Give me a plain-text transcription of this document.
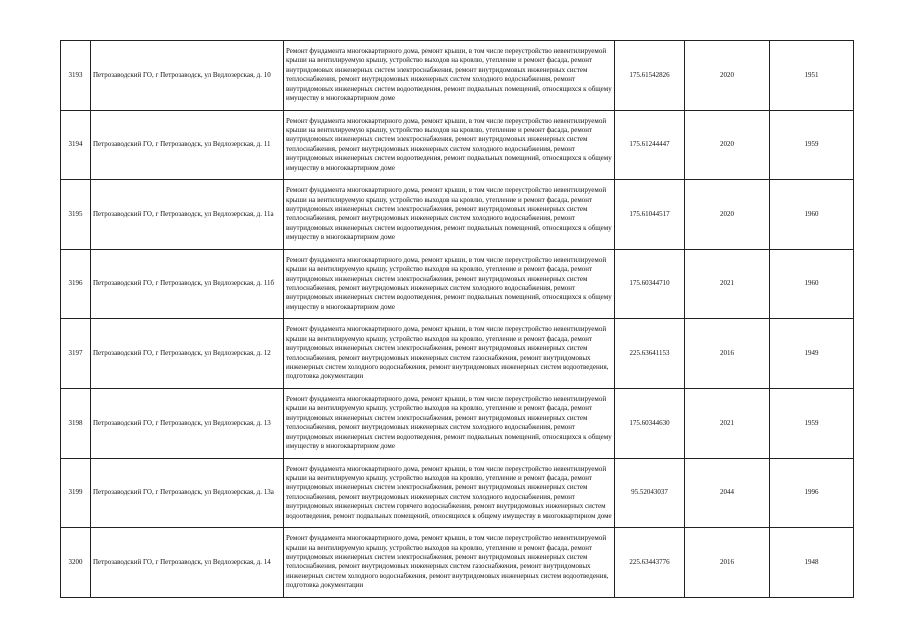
3193	Петрозаводский ГО, г Петрозаводск, ул Ведлозерская, д. 10	Ремонт фундамента многоквартирного дома, ремонт крыши, в том числе переустройство невентилируемой крыши на вентилируемую крышу, устройство выходов на кровлю, утепление и ремонт фасада, ремонт внутридомовых инженерных систем электроснабжения, ремонт внутридомовых инженерных систем теплоснабжения, ремонт внутридомовых инженерных систем холодного водоснабжения, ремонт внутридомовых инженерных систем водоотведения, ремонт подвальных помещений, относящихся к общему имуществу в многоквартирном доме	175.61542826	2020	1951
3194	Петрозаводский ГО, г Петрозаводск, ул Ведлозерская, д. 11	Ремонт фундамента многоквартирного дома, ремонт крыши, в том числе переустройство невентилируемой крыши на вентилируемую крышу, устройство выходов на кровлю, утепление и ремонт фасада, ремонт внутридомовых инженерных систем электроснабжения, ремонт внутридомовых инженерных систем теплоснабжения, ремонт внутридомовых инженерных систем холодного водоснабжения, ремонт внутридомовых инженерных систем водоотведения, ремонт подвальных помещений, относящихся к общему имуществу в многоквартирном доме	175.61244447	2020	1959
3195	Петрозаводский ГО, г Петрозаводск, ул Ведлозерская, д. 11а	Ремонт фундамента многоквартирного дома, ремонт крыши, в том числе переустройство невентилируемой крыши на вентилируемую крышу, устройство выходов на кровлю, утепление и ремонт фасада, ремонт внутридомовых инженерных систем электроснабжения, ремонт внутридомовых инженерных систем теплоснабжения, ремонт внутридомовых инженерных систем холодного водоснабжения, ремонт внутридомовых инженерных систем водоотведения, ремонт подвальных помещений, относящихся к общему имуществу в многоквартирном доме	175.61044517	2020	1960
3196	Петрозаводский ГО, г Петрозаводск, ул Ведлозерская, д. 11б	Ремонт фундамента многоквартирного дома, ремонт крыши, в том числе переустройство невентилируемой крыши на вентилируемую крышу, устройство выходов на кровлю, утепление и ремонт фасада, ремонт внутридомовых инженерных систем электроснабжения, ремонт внутридомовых инженерных систем теплоснабжения, ремонт внутридомовых инженерных систем холодного водоснабжения, ремонт внутридомовых инженерных систем водоотведения, ремонт подвальных помещений, относящихся к общему имуществу в многоквартирном доме	175.60344710	2021	1960
3197	Петрозаводский ГО, г Петрозаводск, ул Ведлозерская, д. 12	Ремонт фундамента многоквартирного дома, ремонт крыши, в том числе переустройство невентилируемой крыши на вентилируемую крышу, устройство выходов на кровлю, утепление и ремонт фасада, ремонт внутридомовых инженерных систем электроснабжения, ремонт внутридомовых инженерных систем теплоснабжения, ремонт внутридомовых инженерных систем газоснабжения, ремонт внутридомовых инженерных систем холодного водоснабжения, ремонт внутридомовых инженерных систем водоотведения, подготовка документации	225.63641153	2016	1949
3198	Петрозаводский ГО, г Петрозаводск, ул Ведлозерская, д. 13	Ремонт фундамента многоквартирного дома, ремонт крыши, в том числе переустройство невентилируемой крыши на вентилируемую крышу, устройство выходов на кровлю, утепление и ремонт фасада, ремонт внутридомовых инженерных систем электроснабжения, ремонт внутридомовых инженерных систем теплоснабжения, ремонт внутридомовых инженерных систем холодного водоснабжения, ремонт внутридомовых инженерных систем водоотведения, ремонт подвальных помещений, относящихся к общему имуществу в многоквартирном доме	175.60344630	2021	1959
3199	Петрозаводский ГО, г Петрозаводск, ул Ведлозерская, д. 13а	Ремонт фундамента многоквартирного дома, ремонт крыши, в том числе переустройство невентилируемой крыши на вентилируемую крышу, устройство выходов на кровлю, утепление и ремонт фасада, ремонт внутридомовых инженерных систем электроснабжения, ремонт внутридомовых инженерных систем теплоснабжения, ремонт внутридомовых инженерных систем холодного водоснабжения, ремонт внутридомовых инженерных систем горячего водоснабжения, ремонт внутридомовых инженерных систем водоотведения, ремонт подвальных помещений, относящихся к общему имуществу в многоквартирном доме	95.52043037	2044	1996
3200	Петрозаводский ГО, г Петрозаводск, ул Ведлозерская, д. 14	Ремонт фундамента многоквартирного дома, ремонт крыши, в том числе переустройство невентилируемой крыши на вентилируемую крышу, устройство выходов на кровлю, утепление и ремонт фасада, ремонт внутридомовых инженерных систем электроснабжения, ремонт внутридомовых инженерных систем теплоснабжения, ремонт внутридомовых инженерных систем газоснабжения, ремонт внутридомовых инженерных систем холодного водоснабжения, ремонт внутридомовых инженерных систем водоотведения, подготовка документации	225.63443776	2016	1948
